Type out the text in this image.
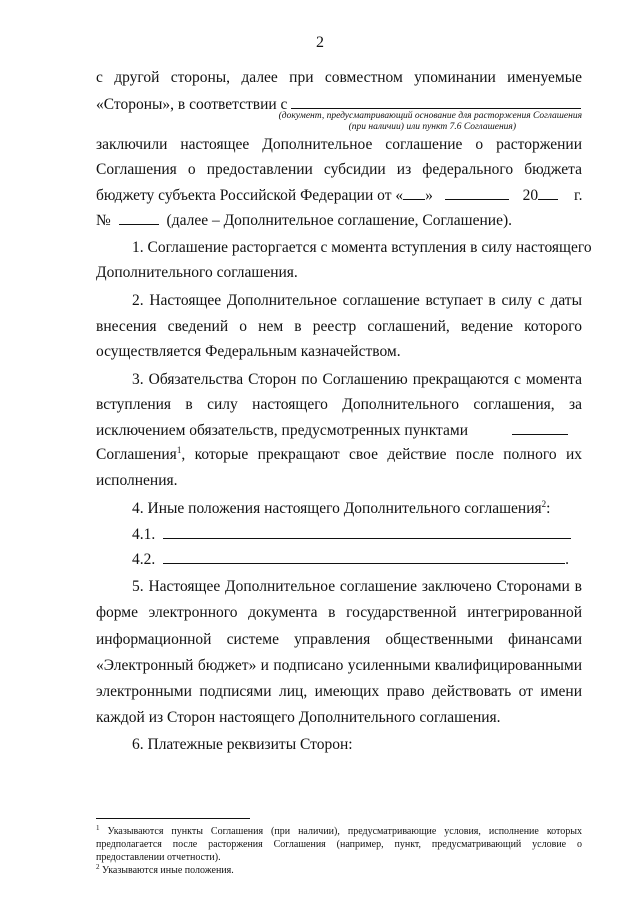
2
с другой стороны, далее при совместном упоминании именуемые
«Стороны», в соответствии с
(документ, предусматривающий основание для расторжения Соглашения
(при наличии) или пункт 7.6 Соглашения)
заключили настоящее Дополнительное соглашение о расторжении
Соглашения о предоставлении субсидии из федерального бюджета
бюджету субъекта Российской Федерации от « »	20 г.
№	(далее – Дополнительное соглашение, Соглашение).
1. Соглашение расторгается с момента вступления в силу настоящего
Дополнительного соглашения.
2. Настоящее Дополнительное соглашение вступает в силу с даты
внесения сведений о нем в реестр соглашений, ведение которого
осуществляется Федеральным казначейством.
3. Обязательства Сторон по Соглашению прекращаются с момента
вступления в силу настоящего Дополнительного соглашения, за
исключением обязательств, предусмотренных пунктами
Соглашения$^1$, которые прекращают свое действие после полного их
исполнения.
4. Иные положения настоящего Дополнительного соглашения$^2$:
4.1.
4.2.	.
5. Настоящее Дополнительное соглашение заключено Сторонами в
форме электронного документа в государственной интегрированной
информационной системе управления общественными финансами
«Электронный бюджет» и подписано усиленными квалифицированными
электронными подписями лиц, имеющих право действовать от имени
каждой из Сторон настоящего Дополнительного соглашения.
6. Платежные реквизиты Сторон:
$^1$ Указываются пункты Соглашения (при наличии), предусматривающие условия, исполнение которых предполагается после расторжения Соглашения (например, пункт, предусматривающий условие о предоставлении отчетности).
$^2$ Указываются иные положения.
